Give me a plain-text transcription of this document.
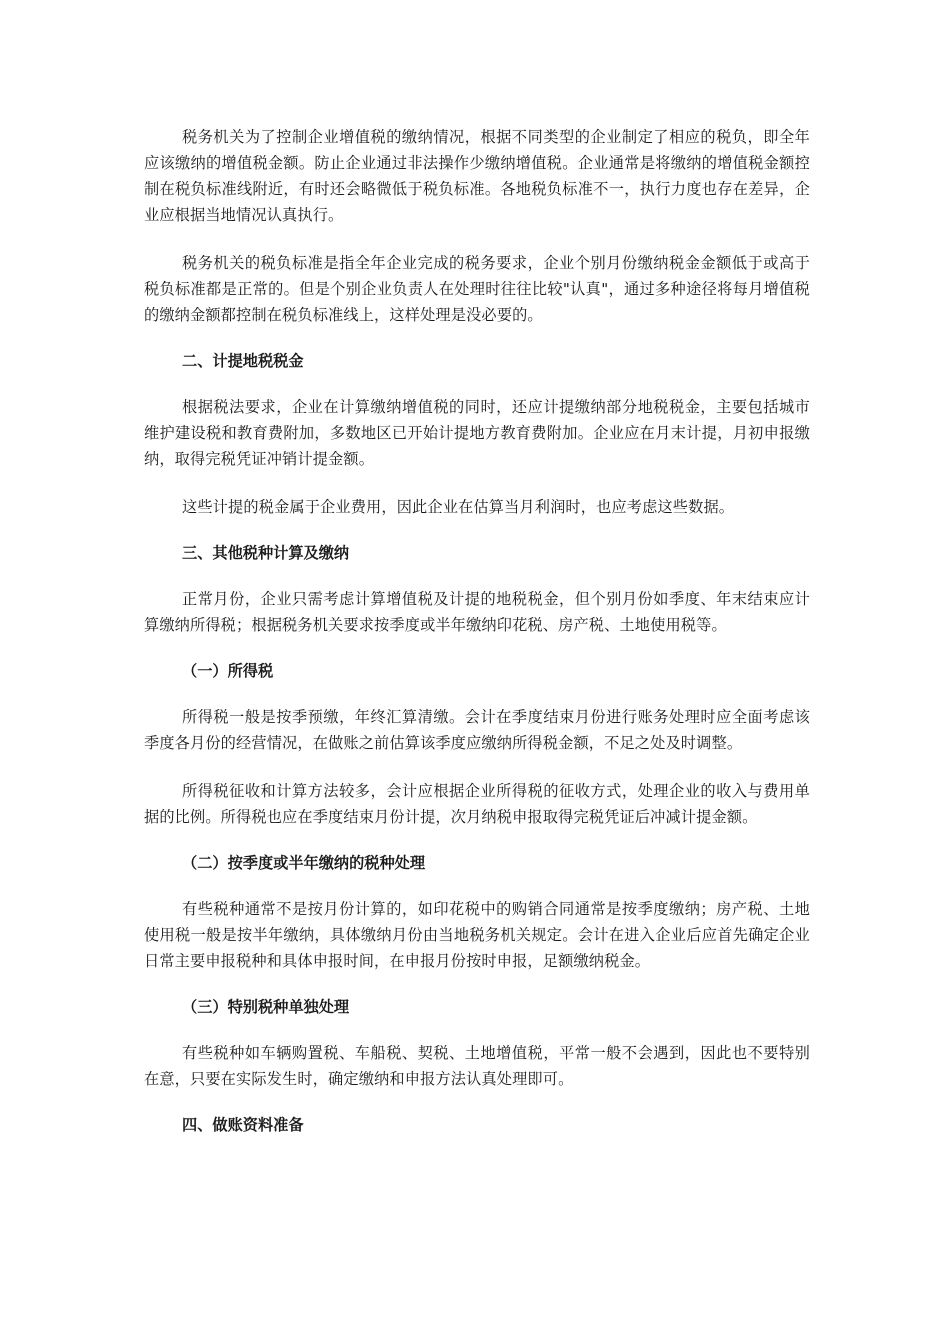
税务机关为了控制企业增值税的缴纳情况，根据不同类型的企业制定了相应的税负，即全年应该缴纳的增值税金额。防止企业通过非法操作少缴纳增值税。企业通常是将缴纳的增值税金额控制在税负标准线附近，有时还会略微低于税负标准。各地税负标准不一，执行力度也存在差异，企业应根据当地情况认真执行。

税务机关的税负标准是指全年企业完成的税务要求，企业个别月份缴纳税金金额低于或高于税负标准都是正常的。但是个别企业负责人在处理时往往比较"认真"，通过多种途径将每月增值税的缴纳金额都控制在税负标准线上，这样处理是没必要的。

二、计提地税税金

根据税法要求，企业在计算缴纳增值税的同时，还应计提缴纳部分地税税金，主要包括城市维护建设税和教育费附加，多数地区已开始计提地方教育费附加。企业应在月末计提，月初申报缴纳，取得完税凭证冲销计提金额。

这些计提的税金属于企业费用，因此企业在估算当月利润时，也应考虑这些数据。

三、其他税种计算及缴纳

正常月份，企业只需考虑计算增值税及计提的地税税金，但个别月份如季度、年末结束应计算缴纳所得税；根据税务机关要求按季度或半年缴纳印花税、房产税、土地使用税等。

（一）所得税

所得税一般是按季预缴，年终汇算清缴。会计在季度结束月份进行账务处理时应全面考虑该季度各月份的经营情况，在做账之前估算该季度应缴纳所得税金额，不足之处及时调整。

所得税征收和计算方法较多，会计应根据企业所得税的征收方式，处理企业的收入与费用单据的比例。所得税也应在季度结束月份计提，次月纳税申报取得完税凭证后冲减计提金额。

（二）按季度或半年缴纳的税种处理

有些税种通常不是按月份计算的，如印花税中的购销合同通常是按季度缴纳；房产税、土地使用税一般是按半年缴纳，具体缴纳月份由当地税务机关规定。会计在进入企业后应首先确定企业日常主要申报税种和具体申报时间，在申报月份按时申报，足额缴纳税金。

（三）特别税种单独处理

有些税种如车辆购置税、车船税、契税、土地增值税，平常一般不会遇到，因此也不要特别在意，只要在实际发生时，确定缴纳和申报方法认真处理即可。

四、做账资料准备
